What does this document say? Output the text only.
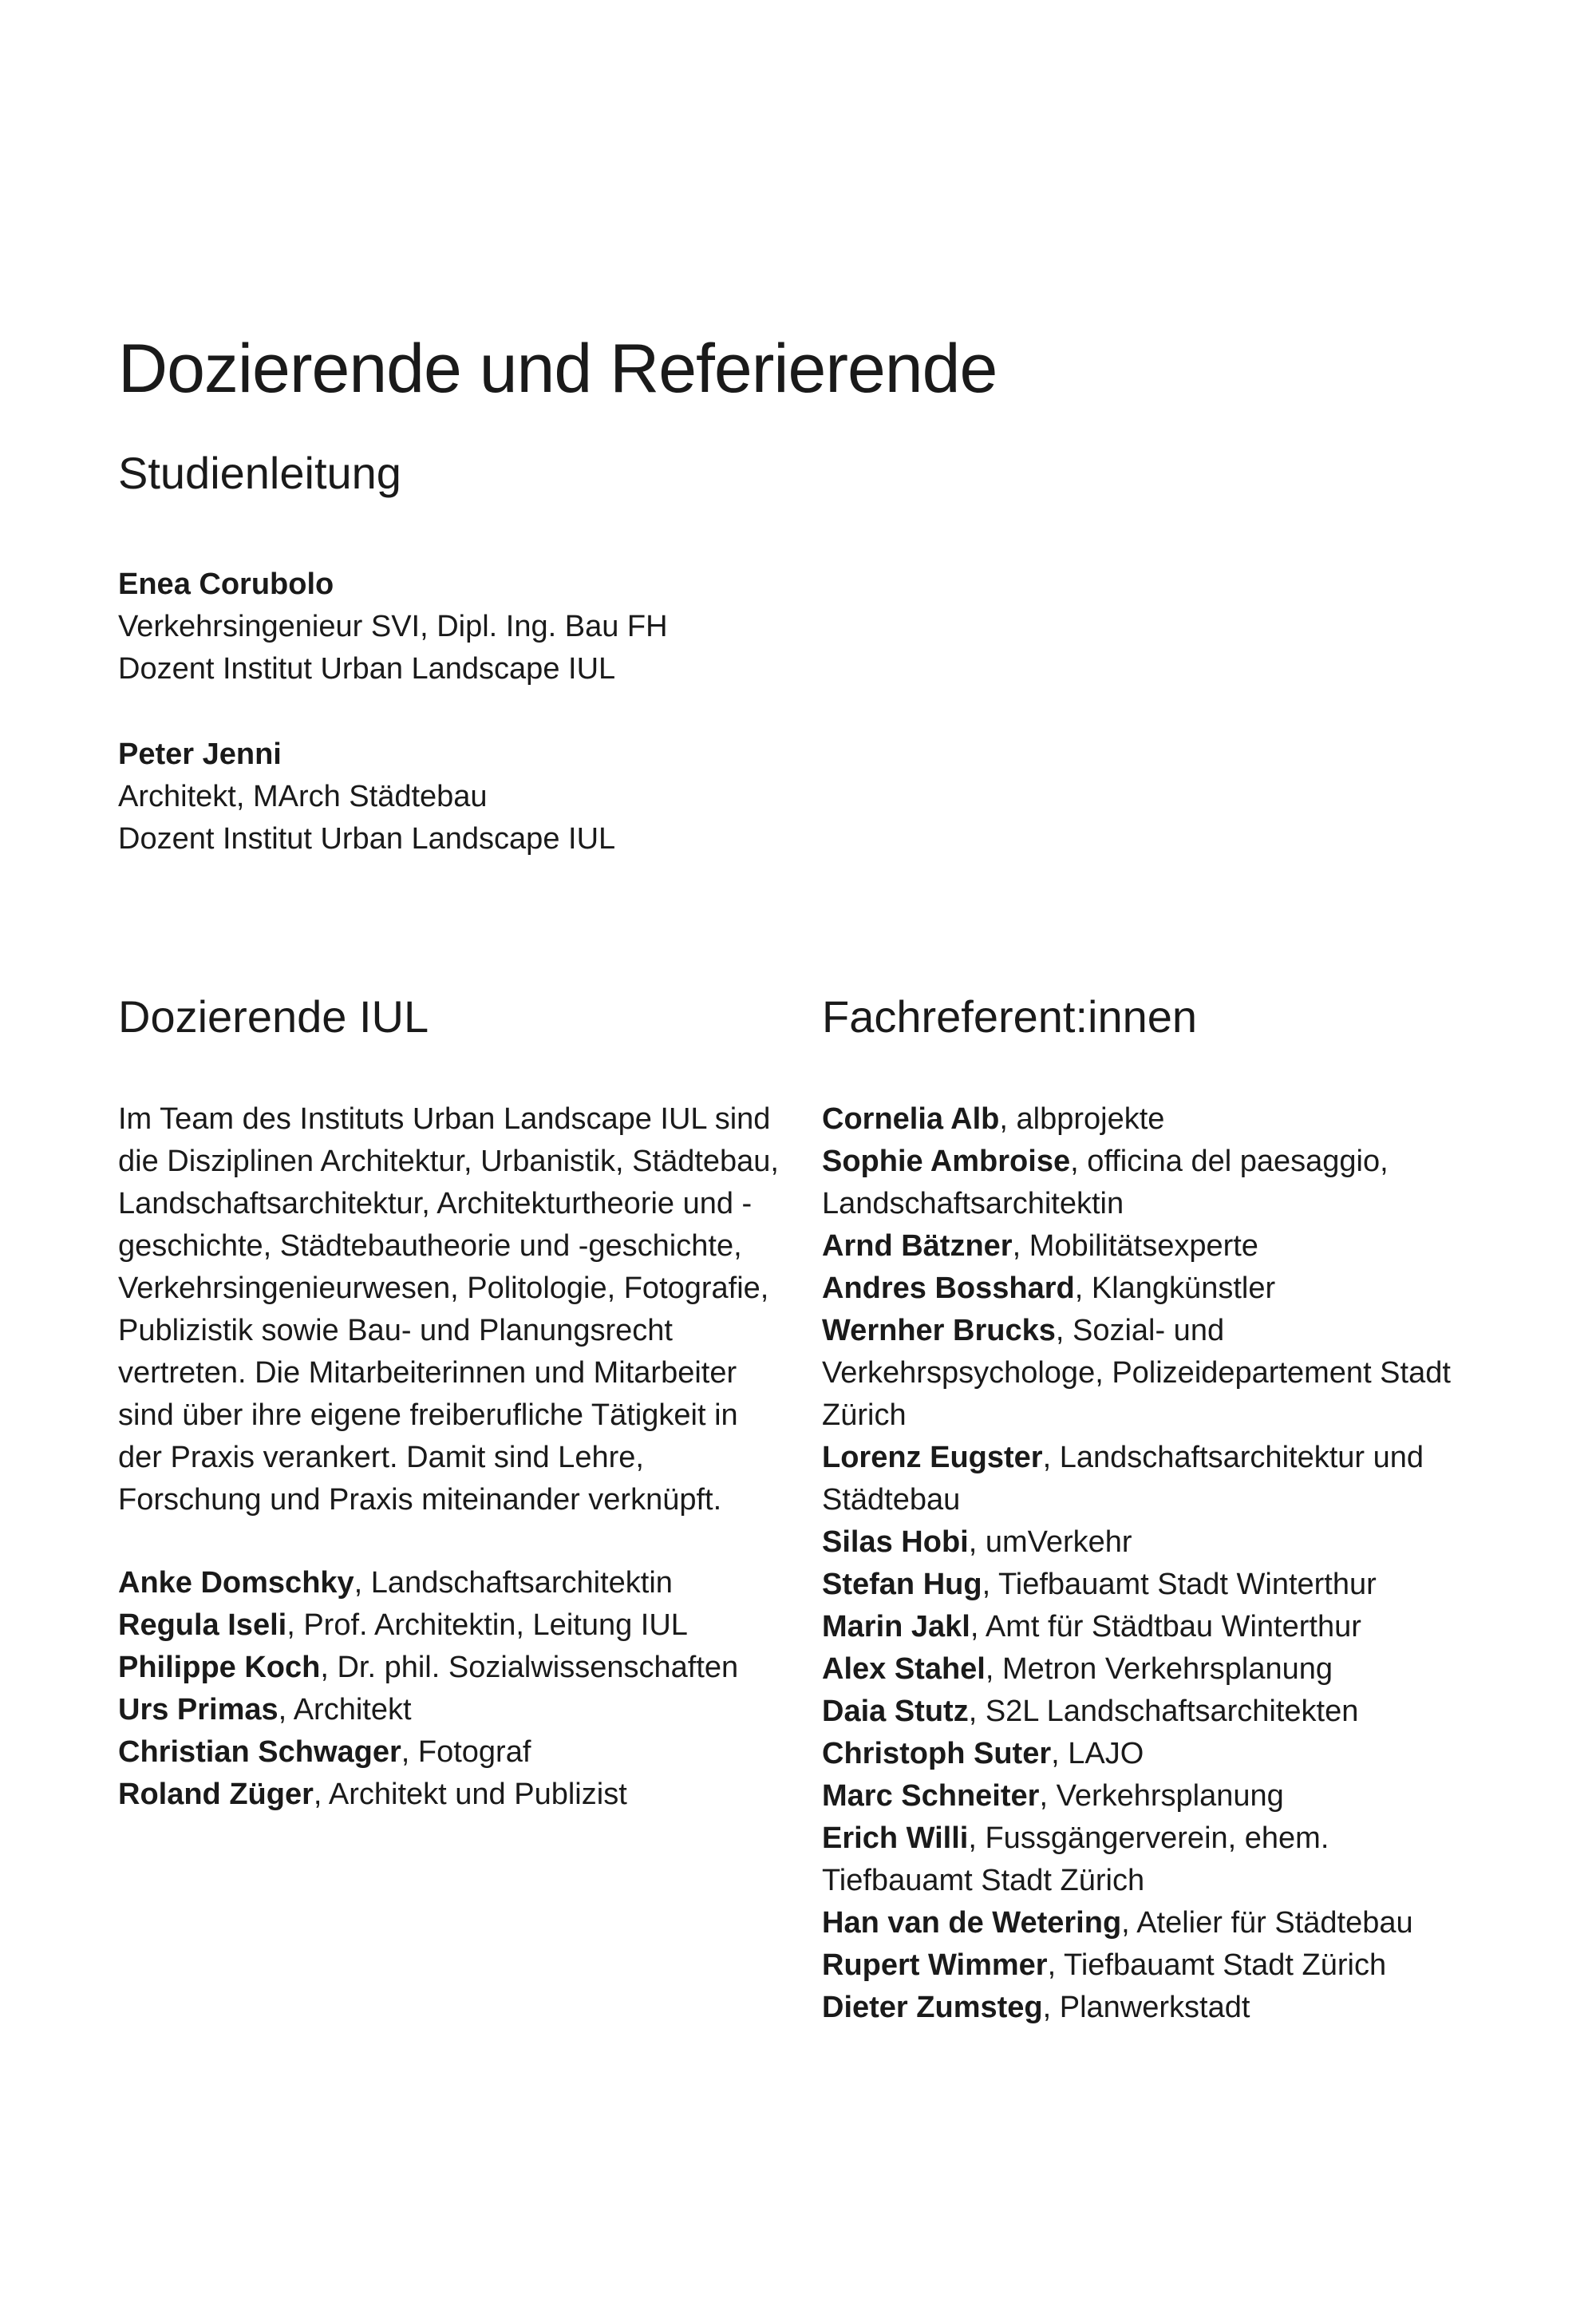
Dozierende und Referierende
Studienleitung
Enea Corubolo
Verkehrsingenieur SVI, Dipl. Ing. Bau FH
Dozent Institut Urban Landscape IUL
Peter Jenni
Architekt, MArch Städtebau
Dozent Institut Urban Landscape IUL
Dozierende IUL

Im Team des Instituts Urban Landscape IUL sind die Disziplinen Architektur, Urbanistik, Städtebau, Landschaftsarchitektur, Architekturtheorie und -geschichte, Städtebautheorie und -geschichte, Verkehrsingenieurwesen, Politologie, Fotografie, Publizistik sowie Bau- und Planungsrecht vertreten. Die Mitarbeiterinnen und Mitarbeiter sind über ihre eigene freiberufliche Tätigkeit in der Praxis verankert. Damit sind Lehre, Forschung und Praxis miteinander verknüpft.

Anke Domschky, Landschaftsarchitektin
Regula Iseli, Prof. Architektin, Leitung IUL
Philippe Koch, Dr. phil. Sozialwissenschaften
Urs Primas, Architekt
Christian Schwager, Fotograf
Roland Züger, Architekt und Publizist
Fachreferent:innen
Cornelia Alb, albprojekte
Sophie Ambroise, officina del paesaggio, Landschaftsarchitektin
Arnd Bätzner, Mobilitätsexperte
Andres Bosshard, Klangkünstler
Wernher Brucks, Sozial- und Verkehrspsychologe, Polizeidepartement Stadt Zürich
Lorenz Eugster, Landschaftsarchitektur und Städtebau
Silas Hobi, umVerkehr
Stefan Hug, Tiefbauamt Stadt Winterthur
Marin Jakl, Amt für Städtbau Winterthur
Alex Stahel, Metron Verkehrsplanung
Daia Stutz, S2L Landschaftsarchitekten
Christoph Suter, LAJO
Marc Schneiter, Verkehrsplanung
Erich Willi, Fussgängerverein, ehem. Tiefbauamt Stadt Zürich
Han van de Wetering, Atelier für Städtebau
Rupert Wimmer, Tiefbauamt Stadt Zürich
Dieter Zumsteg, Planwerkstadt
